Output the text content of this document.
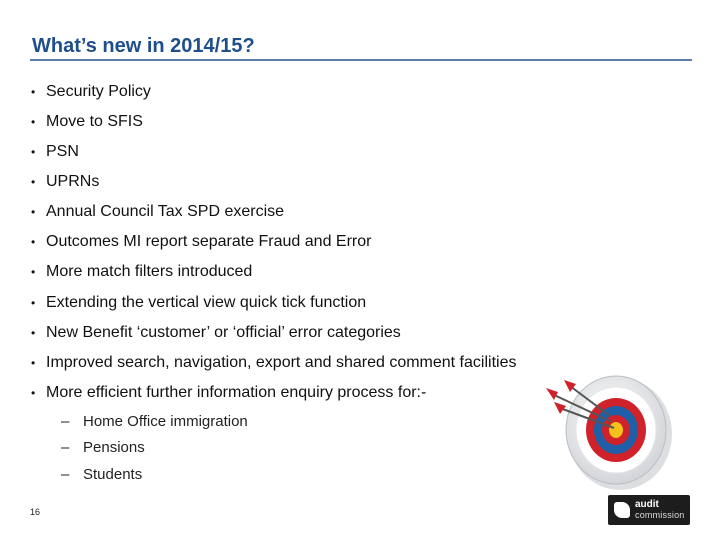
What’s new in 2014/15?
• Security Policy
• Move to SFIS
• PSN
• UPRNs
• Annual Council Tax SPD exercise
• Outcomes MI report separate Fraud and Error
• More match filters introduced
• Extending the vertical view quick tick function
• New Benefit ‘customer’ or ‘official’ error categories
• Improved search, navigation, export and shared comment facilities
• More efficient further information enquiry process for:-
– Home Office immigration
– Pensions
– Students
16
audit
commission
